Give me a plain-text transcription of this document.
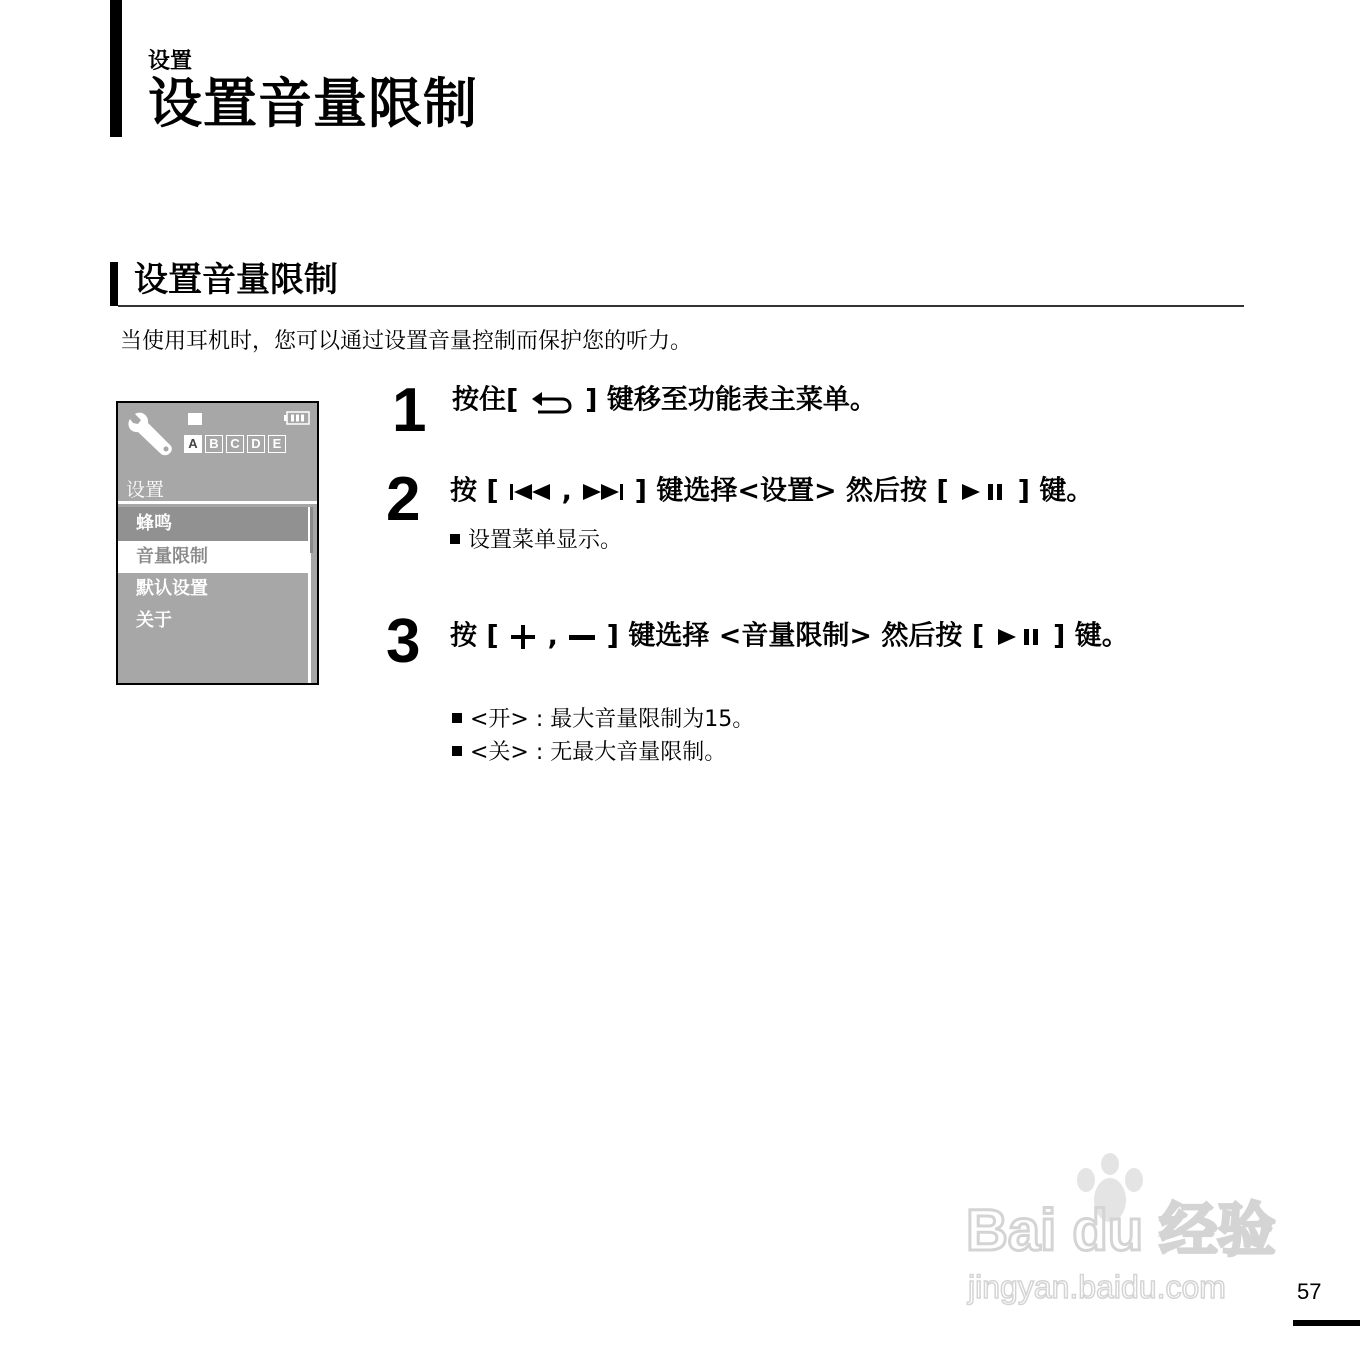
设置
设置音量限制
设置音量限制
当使用耳机时，您可以通过设置音量控制而保护您的听力。
A B C D E
设置
蜂鸣
音量限制
默认设置
关于
1 按住[ ] 键移至功能表主菜单。
2 按 [ , ] 键选择<设置> 然后按 [	] 键。
设置菜单显示。
3 按 [ , ] 键选择 <音量限制> 然后按 [	] 键。
<开> : 最大音量限制为15。
<关> : 无最大音量限制。
Bai du 经验
jingyan.baidu.com	57
